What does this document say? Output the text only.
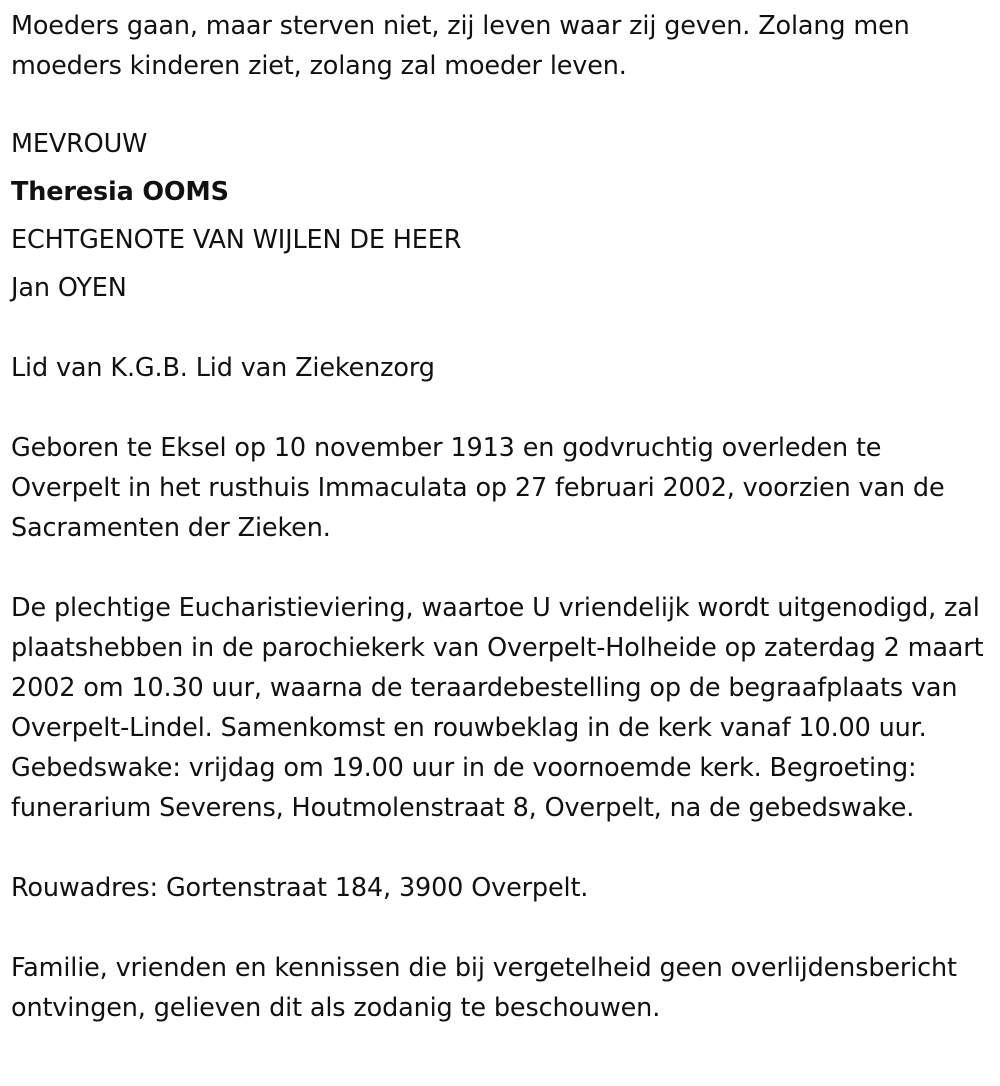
Moeders gaan, maar sterven niet, zij leven waar zij geven. Zolang men moeders kinderen ziet, zolang zal moeder leven.

MEVROUW
Theresia OOMS
ECHTGENOTE VAN WIJLEN DE HEER
Jan OYEN

Lid van K.G.B. Lid van Ziekenzorg

Geboren te Eksel op 10 november 1913 en godvruchtig overleden te Overpelt in het rusthuis Immaculata op 27 februari 2002, voorzien van de Sacramenten der Zieken.

De plechtige Eucharistieviering, waartoe U vriendelijk wordt uitgenodigd, zal plaatshebben in de parochiekerk van Overpelt-Holheide op zaterdag 2 maart 2002 om 10.30 uur, waarna de teraardebestelling op de begraafplaats van Overpelt-Lindel. Samenkomst en rouwbeklag in de kerk vanaf 10.00 uur. Gebedswake: vrijdag om 19.00 uur in de voornoemde kerk. Begroeting: funerarium Severens, Houtmolenstraat 8, Overpelt, na de gebedswake.

Rouwadres: Gortenstraat 184, 3900 Overpelt.

Familie, vrienden en kennissen die bij vergetelheid geen overlijdensbericht ontvingen, gelieven dit als zodanig te beschouwen.
